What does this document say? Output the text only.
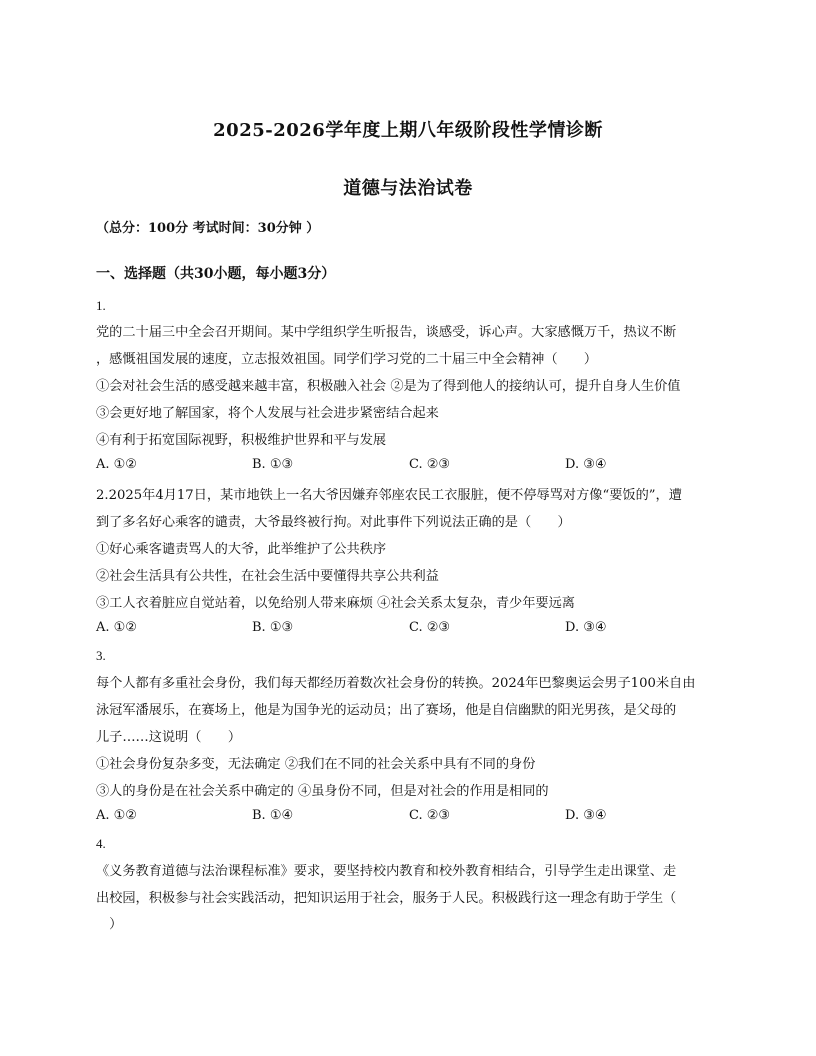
2025-2026学年度上期八年级阶段性学情诊断
道德与法治试卷
（总分：100分 考试时间：30分钟 ）
一、选择题（共30小题，每小题3分）
1.
党的二十届三中全会召开期间。某中学组织学生听报告，谈感受，诉心声。大家感慨万千，热议不断
，感慨祖国发展的速度，立志报效祖国。同学们学习党的二十届三中全会精神（　　）
①会对社会生活的感受越来越丰富，积极融入社会 ②是为了得到他人的接纳认可，提升自身人生价值
③会更好地了解国家，将个人发展与社会进步紧密结合起来
④有利于拓宽国际视野，积极维护世界和平与发展
A. ①②	B. ①③	C. ②③	D. ③④
2.2025年4月17日，某市地铁上一名大爷因嫌弃邻座农民工衣服脏，便不停辱骂对方像“要饭的”，遭
到了多名好心乘客的谴责，大爷最终被行拘。对此事件下列说法正确的是（　　）
①好心乘客谴责骂人的大爷，此举维护了公共秩序
②社会生活具有公共性，在社会生活中要懂得共享公共利益
③工人衣着脏应自觉站着，以免给别人带来麻烦 ④社会关系太复杂，青少年要远离
A. ①②	B. ①③	C. ②③	D. ③④
3.
每个人都有多重社会身份，我们每天都经历着数次社会身份的转换。2024年巴黎奥运会男子100米自由
泳冠军潘展乐，在赛场上，他是为国争光的运动员；出了赛场，他是自信幽默的阳光男孩，是父母的
儿子……这说明（　　）
①社会身份复杂多变，无法确定 ②我们在不同的社会关系中具有不同的身份
③人的身份是在社会关系中确定的 ④虽身份不同，但是对社会的作用是相同的
A. ①②	B. ①④	C. ②③	D. ③④
4.
《义务教育道德与法治课程标准》要求，要坚持校内教育和校外教育相结合，引导学生走出课堂、走
出校园，积极参与社会实践活动，把知识运用于社会，服务于人民。积极践行这一理念有助于学生（
　）
